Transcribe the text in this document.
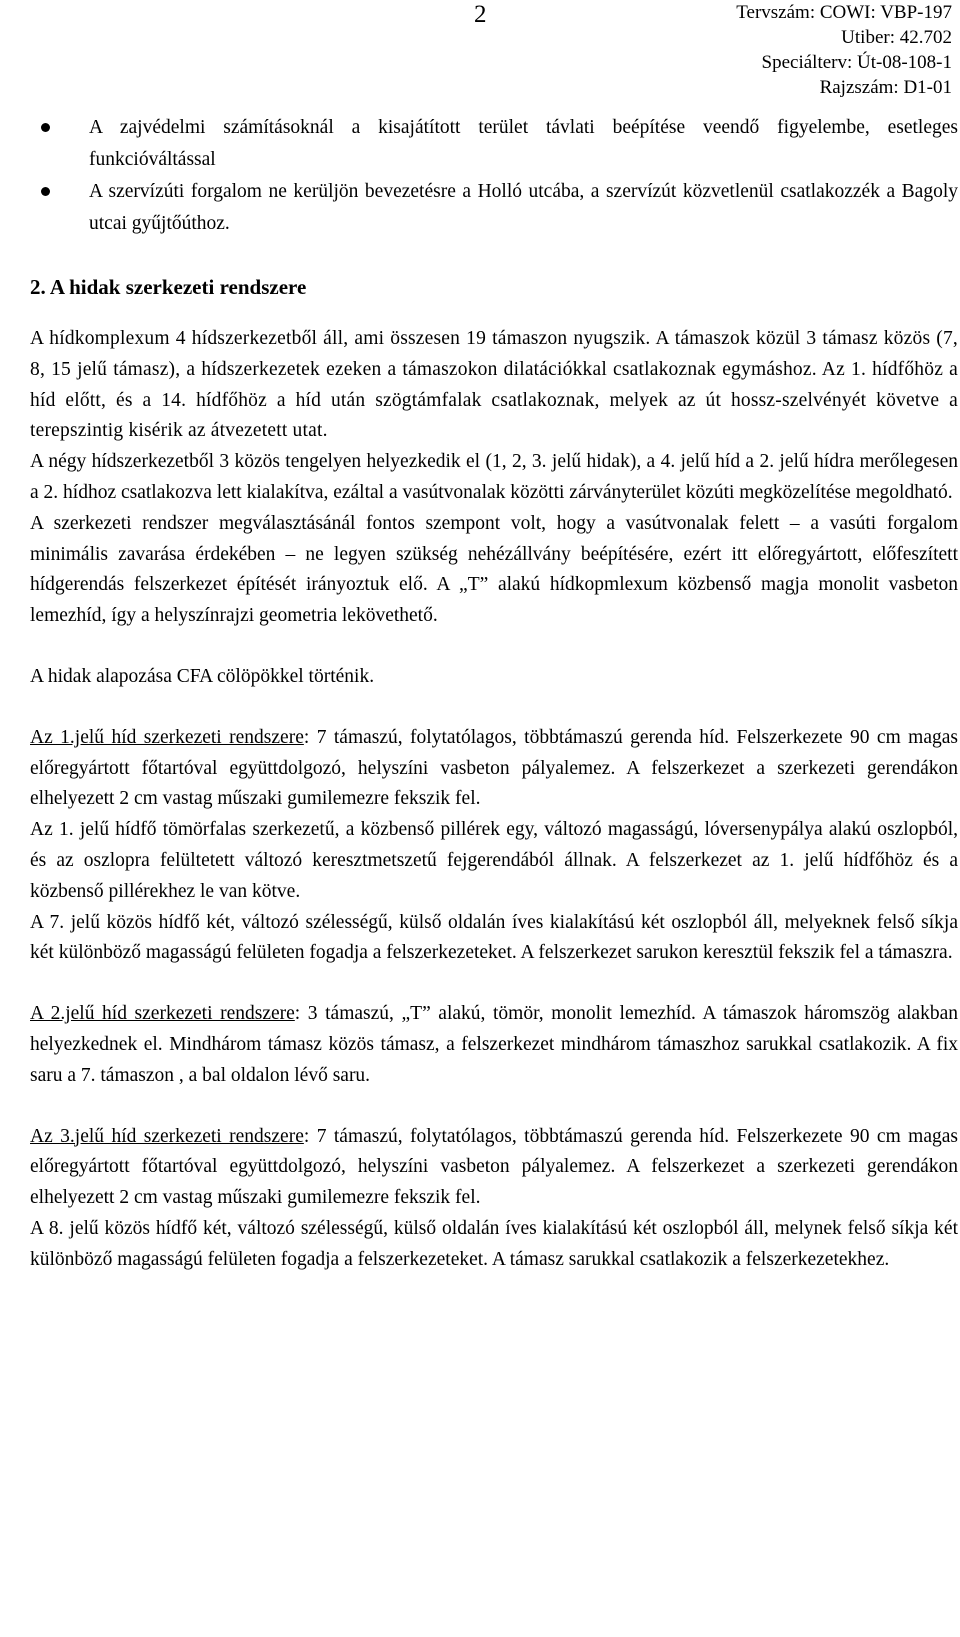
2	Tervszám: COWI: VBP-197
Utiber: 42.702
Speciálterv: Út-08-108-1
Rajzszám: D1-01
A zajvédelmi számításoknál a kisajátított terület távlati beépítése veendő figyelembe, esetleges funkcióváltással
A szervízúti forgalom ne kerüljön bevezetésre a Holló utcába, a szervízút közvetlenül csatlakozzék a Bagoly utcai gyűjtőúthoz.
2. A hidak szerkezeti rendszere

A hídkomplexum 4 hídszerkezetből áll, ami összesen 19 támaszon nyugszik. A támaszok közül 3 támasz közös (7, 8, 15 jelű támasz), a hídszerkezetek ezeken a támaszokon dilatációkkal csatlakoznak egymáshoz. Az 1. hídfőhöz a híd előtt, és a 14. hídfőhöz a híd után szögtámfalak csatlakoznak, melyek az út hossz-szelvényét követve a terepszintig kisérik az átvezetett utat.

A négy hídszerkezetből 3 közös tengelyen helyezkedik el (1, 2, 3. jelű hidak), a 4. jelű híd a 2. jelű hídra merőlegesen a 2. hídhoz csatlakozva lett kialakítva, ezáltal a vasútvonalak közötti zárványterület közúti megközelítése megoldható.

A szerkezeti rendszer megválasztásánál fontos szempont volt, hogy a vasútvonalak felett – a vasúti forgalom minimális zavarása érdekében – ne legyen szükség nehézállvány beépítésére, ezért itt előregyártott, előfeszített hídgerendás felszerkezet építését irányoztuk elő. A „T” alakú hídkopmlexum közbenső magja monolit vasbeton lemezhíd, így a helyszínrajzi geometria lekövethető.

A hidak alapozása CFA cölöpökkel történik.

Az 1.jelű híd szerkezeti rendszere: 7 támaszú, folytatólagos, többtámaszú gerenda híd. Felszerkezete 90 cm magas előregyártott főtartóval együttdolgozó, helyszíni vasbeton pályalemez. A felszerkezet a szerkezeti gerendákon elhelyezett 2 cm vastag műszaki gumilemezre fekszik fel.

Az 1. jelű hídfő tömörfalas szerkezetű, a közbenső pillérek egy, változó magasságú, lóversenypálya alakú oszlopból, és az oszlopra felültetett változó keresztmetszetű fejgerendából állnak. A felszerkezet az 1. jelű hídfőhöz és a közbenső pillérekhez le van kötve.

A 7. jelű közös hídfő két, változó szélességű, külső oldalán íves kialakítású két oszlopból áll, melyeknek felső síkja két különböző magasságú felületen fogadja a felszerkezeteket. A felszerkezet sarukon keresztül fekszik fel a támaszra.

A 2.jelű híd szerkezeti rendszere: 3 támaszú, „T” alakú, tömör, monolit lemezhíd. A támaszok háromszög alakban helyezkednek el. Mindhárom támasz közös támasz, a felszerkezet mindhárom támaszhoz sarukkal csatlakozik. A fix saru a 7. támaszon , a bal oldalon lévő saru.

Az 3.jelű híd szerkezeti rendszere: 7 támaszú, folytatólagos, többtámaszú gerenda híd. Felszerkezete 90 cm magas előregyártott főtartóval együttdolgozó, helyszíni vasbeton pályalemez. A felszerkezet a szerkezeti gerendákon elhelyezett 2 cm vastag műszaki gumilemezre fekszik fel.

A 8. jelű közös hídfő két, változó szélességű, külső oldalán íves kialakítású két oszlopból áll, melynek felső síkja két különböző magasságú felületen fogadja a felszerkezeteket. A támasz sarukkal csatlakozik a felszerkezetekhez.
